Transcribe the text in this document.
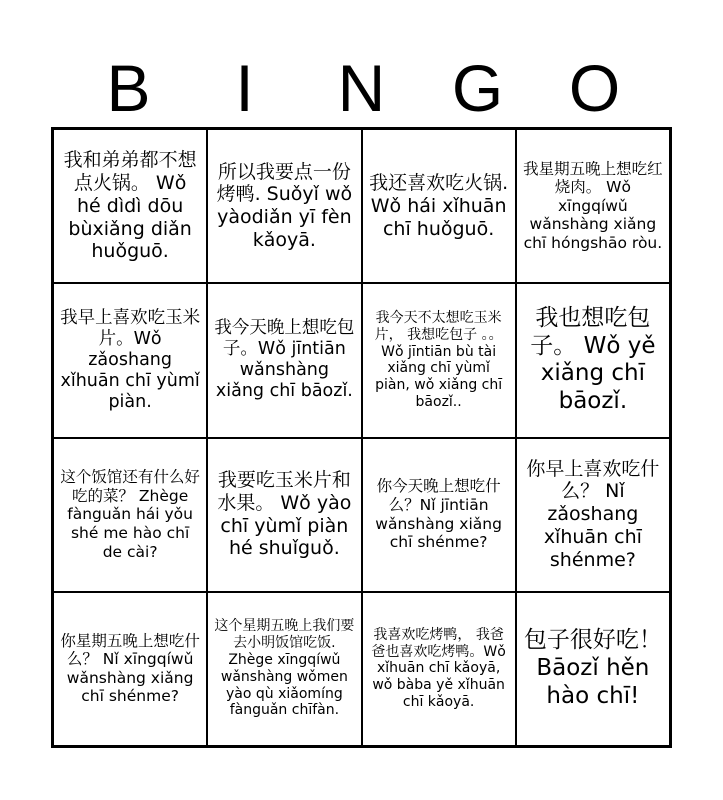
B	I	N	G O
我和弟弟都不想点火锅。 Wǒ hé dìdì dōu bùxiǎng diǎn huǒguō.
所以我要点一份烤鸭. Suǒyǐ wǒ yàodiǎn yī fèn kǎoyā.
我还喜欢吃火锅. Wǒ hái xǐhuān chī huǒguō.
我星期五晚上想吃红烧肉。 Wǒ xīngqíwǔ wǎnshàng xiǎng chī hóngshāo ròu.
我早上喜欢吃玉米片。Wǒ zǎoshang xǐhuān chī yùmǐ piàn.
我今天晚上想吃包子。Wǒ jīntiān wǎnshàng xiǎng chī bāozǐ.
我今天不太想吃玉米片， 我想吃包子 。。 Wǒ jīntiān bù tài xiǎng chī yùmǐ piàn, wǒ xiǎng chī bāozǐ..
我也想吃包子。 Wǒ yě xiǎng chī bāozǐ.
这个饭馆还有什么好吃的菜？ Zhège fànguǎn hái yǒu shé me hào chī de cài?
我要吃玉米片和水果。 Wǒ yào chī yùmǐ piàn hé shuǐguǒ.
你今天晚上想吃什么？Nǐ jīntiān wǎnshàng xiǎng chī shénme?
你早上喜欢吃什么？ Nǐ zǎoshang xǐhuān chī shénme?
你星期五晚上想吃什么？ Nǐ xīngqíwǔ wǎnshàng xiǎng chī shénme?
这个星期五晚上我们要去小明饭馆吃饭. Zhège xīngqíwǔ wǎnshàng wǒmen yào qù xiǎomíng fànguǎn chīfàn.
我喜欢吃烤鸭， 我爸爸也喜欢吃烤鸭。Wǒ xǐhuān chī kǎoyā, wǒ bàba yě xǐhuān chī kǎoyā.
包子很好吃！ Bāozǐ hěn hào chī!
